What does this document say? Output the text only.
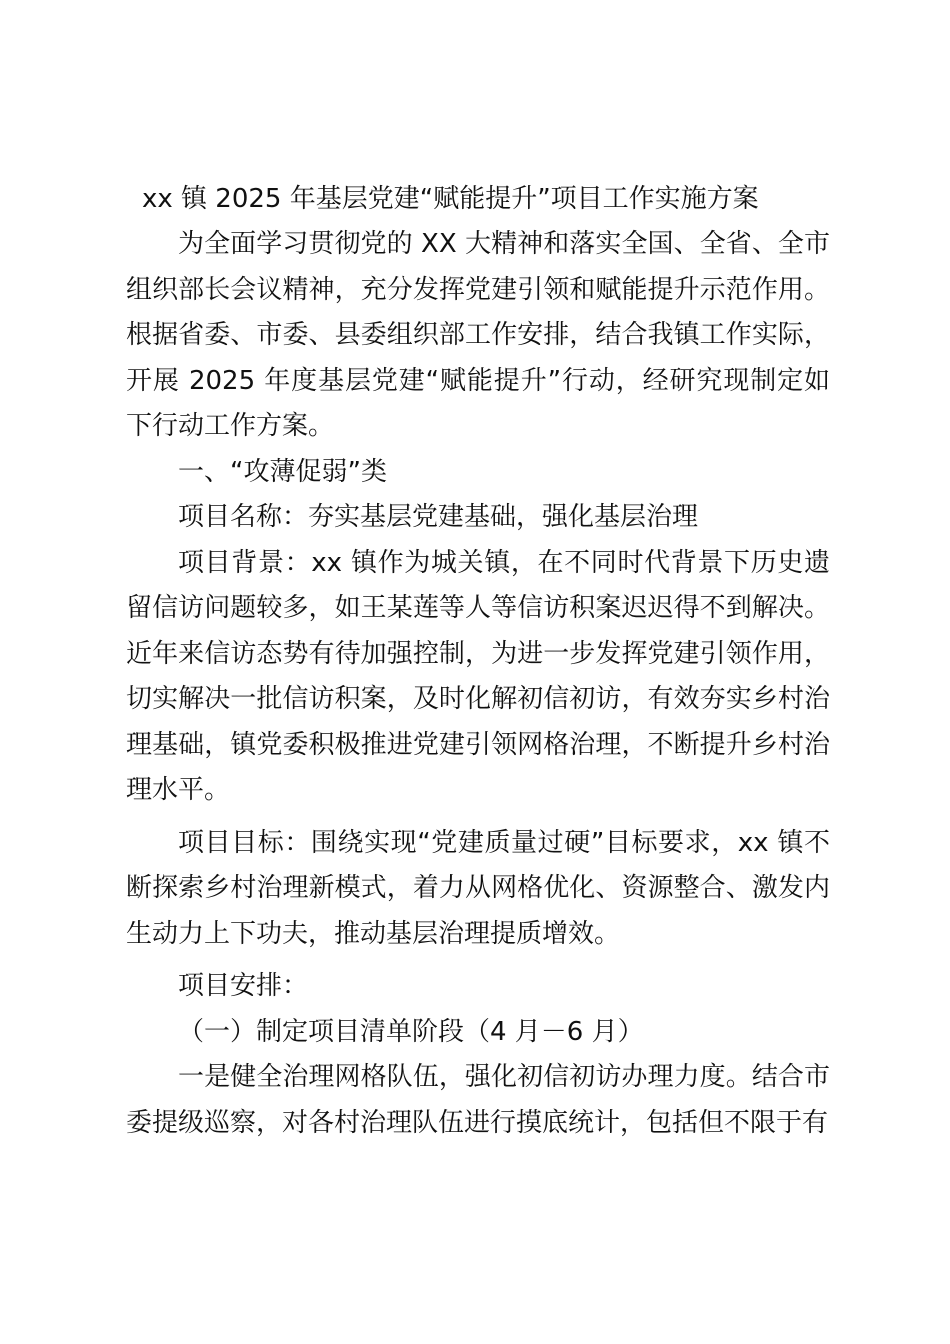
xx 镇 2025 年基层党建“赋能提升”项目工作实施方案

为全面学习贯彻党的 XX 大精神和落实全国、全省、全市组织部长会议精神，充分发挥党建引领和赋能提升示范作用。根据省委、市委、县委组织部工作安排，结合我镇工作实际，开展 2025 年度基层党建“赋能提升”行动，经研究现制定如下行动工作方案。

一、“攻薄促弱”类

项目名称：夯实基层党建基础，强化基层治理

项目背景：xx 镇作为城关镇，在不同时代背景下历史遗留信访问题较多，如王某莲等人等信访积案迟迟得不到解决。近年来信访态势有待加强控制，为进一步发挥党建引领作用，切实解决一批信访积案，及时化解初信初访，有效夯实乡村治理基础，镇党委积极推进党建引领网格治理，不断提升乡村治理水平。

项目目标：围绕实现“党建质量过硬”目标要求，xx 镇不断探索乡村治理新模式，着力从网格优化、资源整合、激发内生动力上下功夫，推动基层治理提质增效。

项目安排：

（一）制定项目清单阶段（4 月－6 月）

一是健全治理网格队伍，强化初信初访办理力度。结合市委提级巡察，对各村治理队伍进行摸底统计，包括但不限于有
